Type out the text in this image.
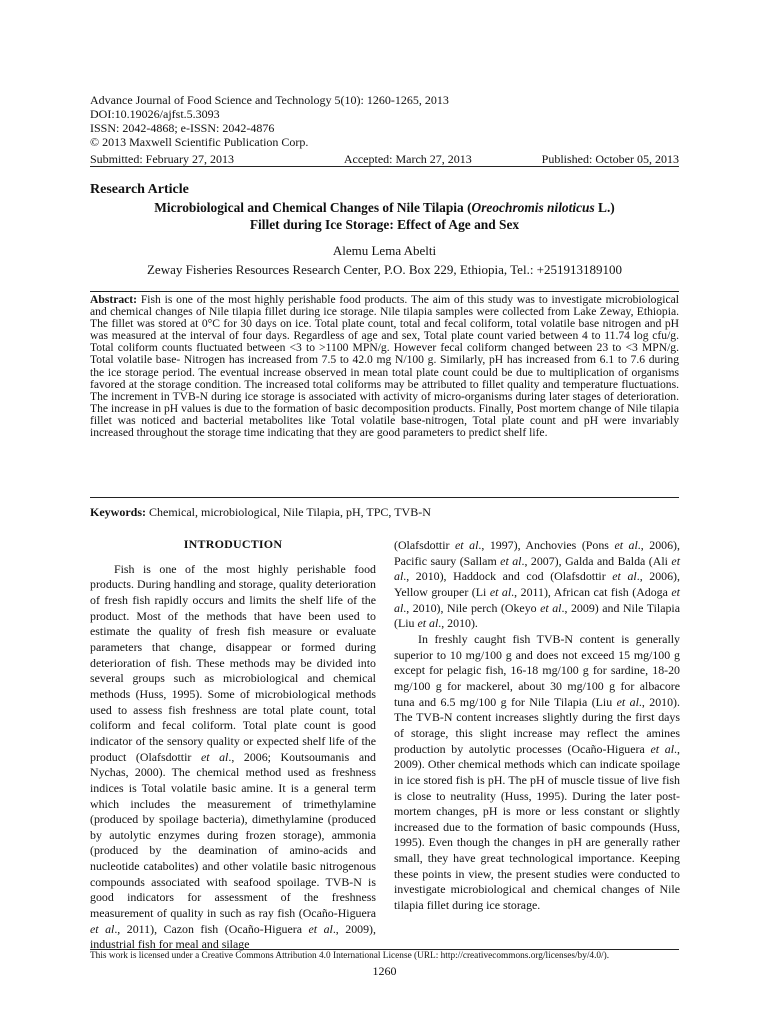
Advance Journal of Food Science and Technology 5(10): 1260-1265, 2013
DOI:10.19026/ajfst.5.3093
ISSN: 2042-4868; e-ISSN: 2042-4876
© 2013 Maxwell Scientific Publication Corp.
Submitted: February 27, 2013	Accepted: March 27, 2013	Published: October 05, 2013
Research Article
Microbiological and Chemical Changes of Nile Tilapia (Oreochromis niloticus L.)
Fillet during Ice Storage: Effect of Age and Sex
Alemu Lema Abelti
Zeway Fisheries Resources Research Center, P.O. Box 229, Ethiopia, Tel.: +251913189100
Abstract: Fish is one of the most highly perishable food products. The aim of this study was to investigate microbiological and chemical changes of Nile tilapia fillet during ice storage. Nile tilapia samples were collected from Lake Zeway, Ethiopia. The fillet was stored at 0°C for 30 days on ice. Total plate count, total and fecal coliform, total volatile base nitrogen and pH was measured at the interval of four days. Regardless of age and sex, Total plate count varied between 4 to 11.74 log cfu/g. Total coliform counts fluctuated between <3 to >1100 MPN/g. However fecal coliform changed between 23 to <3 MPN/g. Total volatile base- Nitrogen has increased from 7.5 to 42.0 mg N/100 g. Similarly, pH has increased from 6.1 to 7.6 during the ice storage period. The eventual increase observed in mean total plate count could be due to multiplication of organisms favored at the storage condition. The increased total coliforms may be attributed to fillet quality and temperature fluctuations. The increment in TVB-N during ice storage is associated with activity of micro-organisms during later stages of deterioration. The increase in pH values is due to the formation of basic decomposition products. Finally, Post mortem change of Nile tilapia fillet was noticed and bacterial metabolites like Total volatile base-nitrogen, Total plate count and pH were invariably increased throughout the storage time indicating that they are good parameters to predict shelf life.
Keywords: Chemical, microbiological, Nile Tilapia, pH, TPC, TVB-N
INTRODUCTION

Fish is one of the most highly perishable food products. During handling and storage, quality deterioration of fresh fish rapidly occurs and limits the shelf life of the product. Most of the methods that have been used to estimate the quality of fresh fish measure or evaluate parameters that change, disappear or formed during deterioration of fish. These methods may be divided into several groups such as microbiological and chemical methods (Huss, 1995). Some of microbiological methods used to assess fish freshness are total plate count, total coliform and fecal coliform. Total plate count is good indicator of the sensory quality or expected shelf life of the product (Olafsdottir et al., 2006; Koutsoumanis and Nychas, 2000). The chemical method used as freshness indices is Total volatile basic amine. It is a general term which includes the measurement of trimethylamine (produced by spoilage bacteria), dimethylamine (produced by autolytic enzymes during frozen storage), ammonia (produced by the deamination of amino-acids and nucleotide catabolites) and other volatile basic nitrogenous compounds associated with seafood spoilage. TVB-N is good indicators for assessment of the freshness measurement of quality in such as ray fish (Ocaño-Higuera et al., 2011), Cazon fish (Ocaño-Higuera et al., 2009), industrial fish for meal and silage

(Olafsdottir et al., 1997), Anchovies (Pons et al., 2006), Pacific saury (Sallam et al., 2007), Galda and Balda (Ali et al., 2010), Haddock and cod (Olafsdottir et al., 2006), Yellow grouper (Li et al., 2011), African cat fish (Adoga et al., 2010), Nile perch (Okeyo et al., 2009) and Nile Tilapia (Liu et al., 2010).

In freshly caught fish TVB-N content is generally superior to 10 mg/100 g and does not exceed 15 mg/100 g except for pelagic fish, 16-18 mg/100 g for sardine, 18-20 mg/100 g for mackerel, about 30 mg/100 g for albacore tuna and 6.5 mg/100 g for Nile Tilapia (Liu et al., 2010). The TVB-N content increases slightly during the first days of storage, this slight increase may reflect the amines production by autolytic processes (Ocaño-Higuera et al., 2009). Other chemical methods which can indicate spoilage in ice stored fish is pH. The pH of muscle tissue of live fish is close to neutrality (Huss, 1995). During the later post-mortem changes, pH is more or less constant or slightly increased due to the formation of basic compounds (Huss, 1995). Even though the changes in pH are generally rather small, they have great technological importance. Keeping these points in view, the present studies were conducted to investigate microbiological and chemical changes of Nile tilapia fillet during ice storage.

This work is licensed under a Creative Commons Attribution 4.0 International License (URL: http://creativecommons.org/licenses/by/4.0/).
1260
